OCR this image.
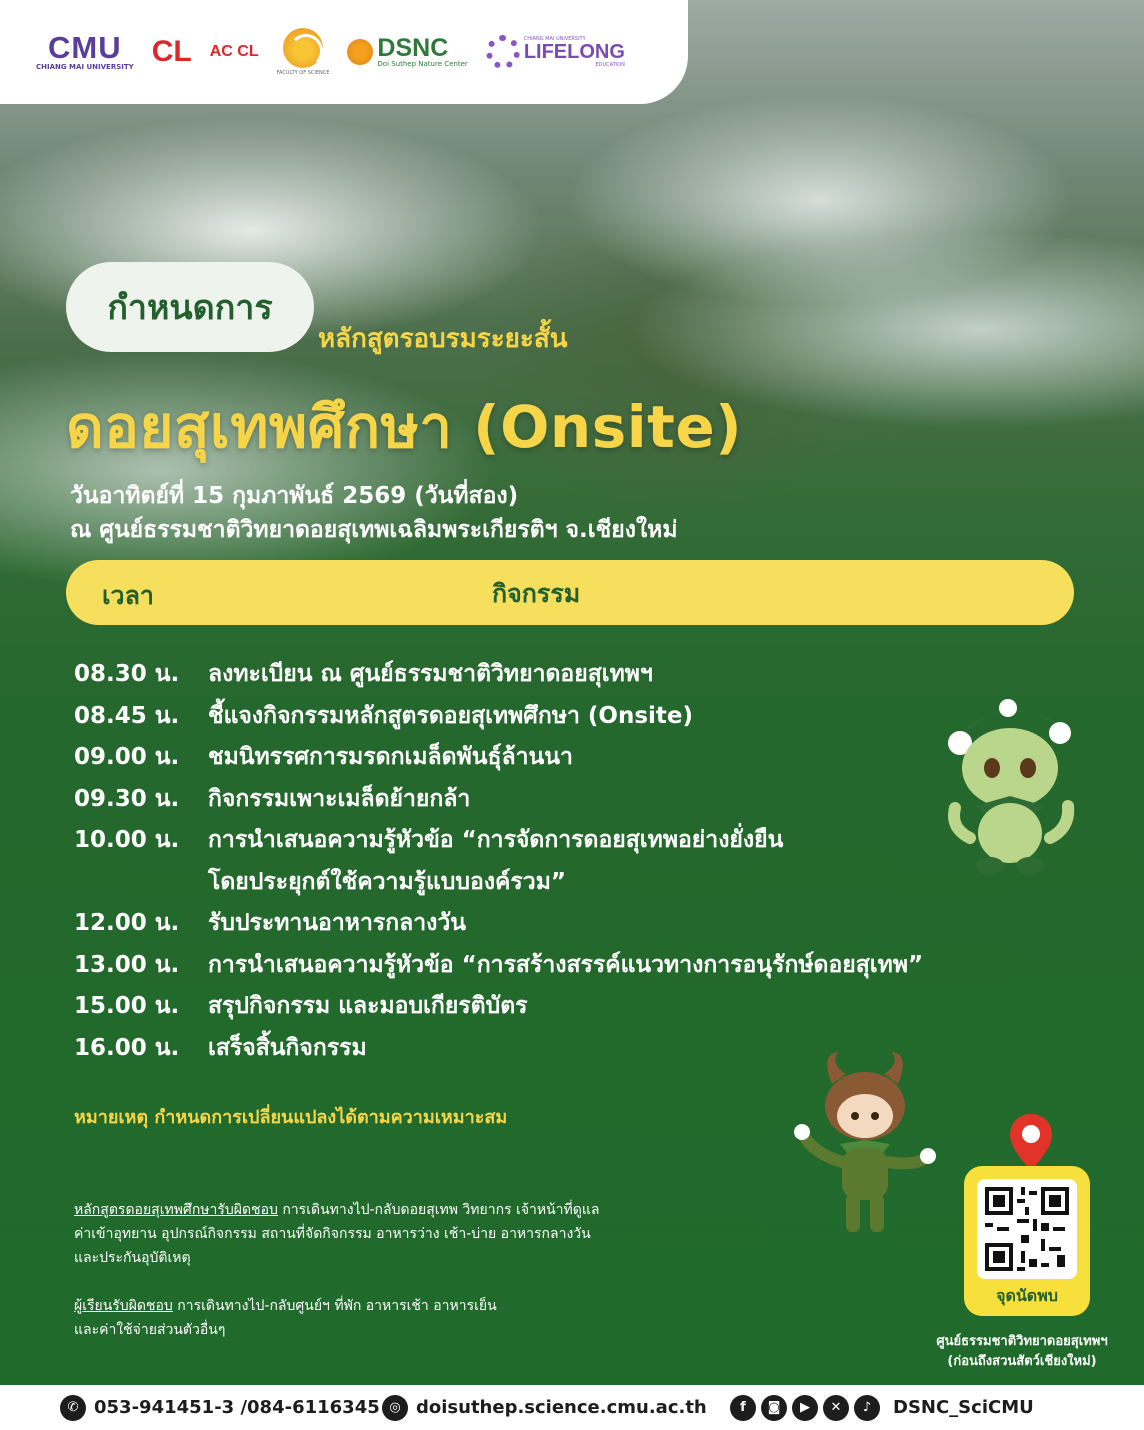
CMU
CHIANG MAI UNIVERSITY CL AC CL
FACULTY OF SCIENCE
DSNC
Doi Suthep Nature Center
CHIANG MAI UNIVERSITY
LIFELONG
EDUCATION
กำหนดการ
หลักสูตรอบรมระยะสั้น
ดอยสุเทพศึกษา (Onsite)
วันอาทิตย์ที่ 15 กุมภาพันธ์ 2569 (วันที่สอง)
ณ ศูนย์ธรรมชาติวิทยาดอยสุเทพเฉลิมพระเกียรติฯ จ.เชียงใหม่
เวลา	กิจกรรม
08.30 น.	ลงทะเบียน ณ ศูนย์ธรรมชาติวิทยาดอยสุเทพฯ
08.45 น.	ชี้แจงกิจกรรมหลักสูตรดอยสุเทพศึกษา (Onsite)
09.00 น.	ชมนิทรรศการมรดกเมล็ดพันธุ์ล้านนา
09.30 น.	กิจกรรมเพาะเมล็ดย้ายกล้า
10.00 น.	การนำเสนอความรู้หัวข้อ “การจัดการดอยสุเทพอย่างยั่งยืน
โดยประยุกต์ใช้ความรู้แบบองค์รวม”
12.00 น.	รับประทานอาหารกลางวัน
13.00 น.	การนำเสนอความรู้หัวข้อ “การสร้างสรรค์แนวทางการอนุรักษ์ดอยสุเทพ”
15.00 น.	สรุปกิจกรรม และมอบเกียรติบัตร
16.00 น.	เสร็จสิ้นกิจกรรม
หมายเหตุ กำหนดการเปลี่ยนแปลงได้ตามความเหมาะสม
หลักสูตรดอยสุเทพศึกษารับผิดชอบ การเดินทางไป-กลับดอยสุเทพ วิทยากร เจ้าหน้าที่ดูแล
ค่าเข้าอุทยาน อุปกรณ์กิจกรรม สถานที่จัดกิจกรรม อาหารว่าง เช้า-บ่าย อาหารกลางวัน
และประกันอุบัติเหตุ
ผู้เรียนรับผิดชอบ การเดินทางไป-กลับศูนย์ฯ ที่พัก อาหารเช้า อาหารเย็น
และค่าใช้จ่ายส่วนตัวอื่นๆ
จุดนัดพบ
ศูนย์ธรรมชาติวิทยาดอยสุเทพฯ
(ก่อนถึงสวนสัตว์เชียงใหม่)
✆ 053-941451-3 /084-6116345 ◎ doisuthep.science.cmu.ac.th	f	◙	▶	✕	♪	DSNC_SciCMU
